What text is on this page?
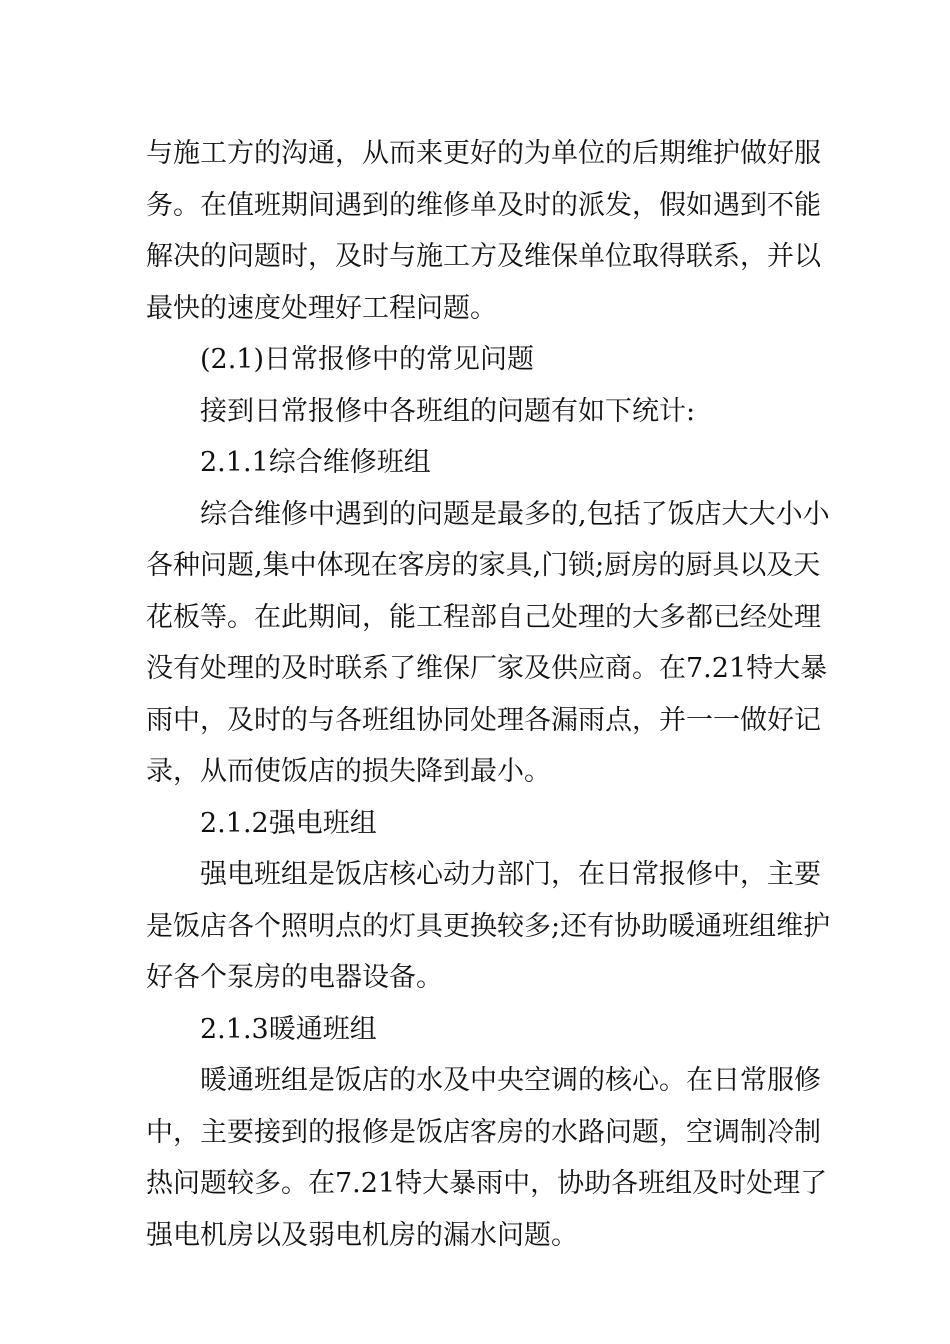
与施工方的沟通，从而来更好的为单位的后期维护做好服
务。在值班期间遇到的维修单及时的派发，假如遇到不能
解决的问题时，及时与施工方及维保单位取得联系，并以
最快的速度处理好工程问题。
(2.1)日常报修中的常见问题
接到日常报修中各班组的问题有如下统计:
2.1.1综合维修班组
综合维修中遇到的问题是最多的,包括了饭店大大小小
各种问题,集中体现在客房的家具,门锁;厨房的厨具以及天
花板等。在此期间，能工程部自己处理的大多都已经处理
没有处理的及时联系了维保厂家及供应商。在7.21特大暴
雨中，及时的与各班组协同处理各漏雨点，并一一做好记
录，从而使饭店的损失降到最小。
2.1.2强电班组
强电班组是饭店核心动力部门，在日常报修中，主要
是饭店各个照明点的灯具更换较多;还有协助暖通班组维护
好各个泵房的电器设备。
2.1.3暖通班组
暖通班组是饭店的水及中央空调的核心。在日常服修
中，主要接到的报修是饭店客房的水路问题，空调制冷制
热问题较多。在7.21特大暴雨中，协助各班组及时处理了
强电机房以及弱电机房的漏水问题。
